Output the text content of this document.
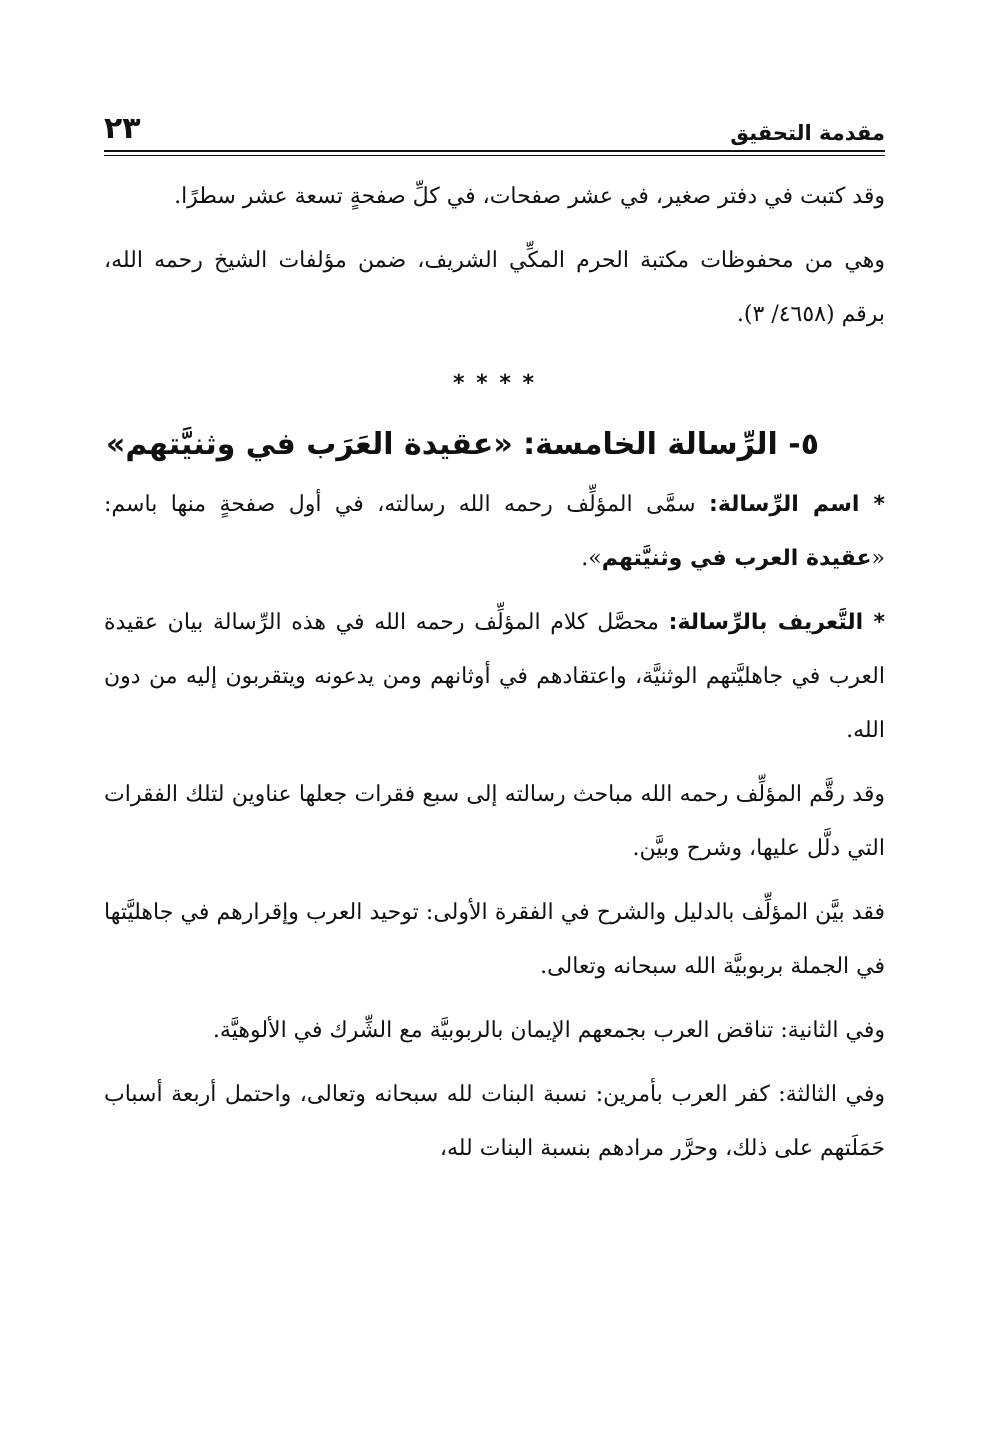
مقدمة التحقيق
٢٣

وقد كتبت في دفتر صغير، في عشر صفحات، في كلِّ صفحةٍ تسعة عشر سطرًا.

وهي من محفوظات مكتبة الحرم المكِّي الشريف، ضمن مؤلفات الشيخ رحمه الله، برقم (٤٦٥٨/ ٣).

* * * *
٥- الرِّسالة الخامسة: «عقيدة العَرَب في وثنيَّتهم»

* اسم الرِّسالة: سمَّى المؤلِّف رحمه الله رسالته، في أول صفحةٍ منها باسم: «عقيدة العرب في وثنيَّتهم».

* التَّعريف بالرِّسالة: محصَّل كلام المؤلِّف رحمه الله في هذه الرِّسالة بيان عقيدة العرب في جاهليَّتهم الوثنيَّة، واعتقادهم في أوثانهم ومن يدعونه ويتقربون إليه من دون الله.

وقد رقَّم المؤلِّف رحمه الله مباحث رسالته إلى سبع فقرات جعلها عناوين لتلك الفقرات التي دلَّل عليها، وشرح وبيَّن.

فقد بيَّن المؤلِّف بالدليل والشرح في الفقرة الأولى: توحيد العرب وإقرارهم في جاهليَّتها في الجملة بربوبيَّة الله سبحانه وتعالى.

وفي الثانية: تناقض العرب بجمعهم الإيمان بالربوبيَّة مع الشِّرك في الألوهيَّة.

وفي الثالثة: كفر العرب بأمرين: نسبة البنات لله سبحانه وتعالى، واحتمل أربعة أسباب حَمَلَتهم على ذلك، وحرَّر مرادهم بنسبة البنات لله،
